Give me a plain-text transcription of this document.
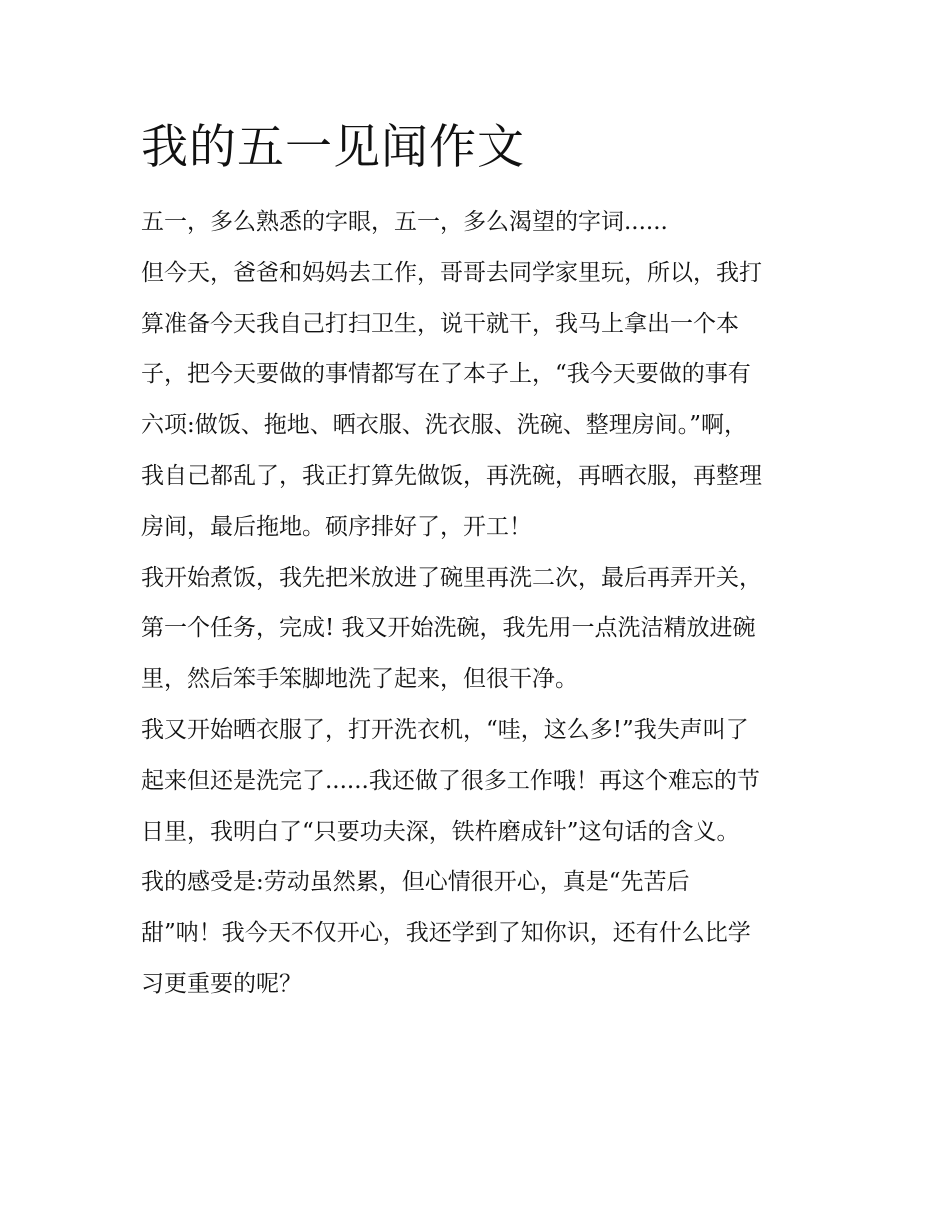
我的五一见闻作文

五一，多么熟悉的字眼，五一，多么渴望的字词......

但今天，爸爸和妈妈去工作，哥哥去同学家里玩，所以，我打

算准备今天我自己打扫卫生，说干就干，我马上拿出一个本

子，把今天要做的事情都写在了本子上，“我今天要做的事有

六项:做饭、拖地、晒衣服、洗衣服、洗碗、整理房间。”啊，

我自己都乱了，我正打算先做饭，再洗碗，再晒衣服，再整理

房间，最后拖地。硕序排好了，开工！

我开始煮饭，我先把米放进了碗里再洗二次，最后再弄开关，

第一个任务，完成! 我又开始洗碗，我先用一点洗洁精放进碗

里，然后笨手笨脚地洗了起来，但很干净。

我又开始晒衣服了，打开洗衣机，“哇，这么多!”我失声叫了

起来但还是洗完了......我还做了很多工作哦！再这个难忘的节

日里，我明白了“只要功夫深，铁杵磨成针”这句话的含义。

我的感受是:劳动虽然累，但心情很开心，真是“先苦后

甜”呐！我今天不仅开心，我还学到了知你识，还有什么比学

习更重要的呢？
